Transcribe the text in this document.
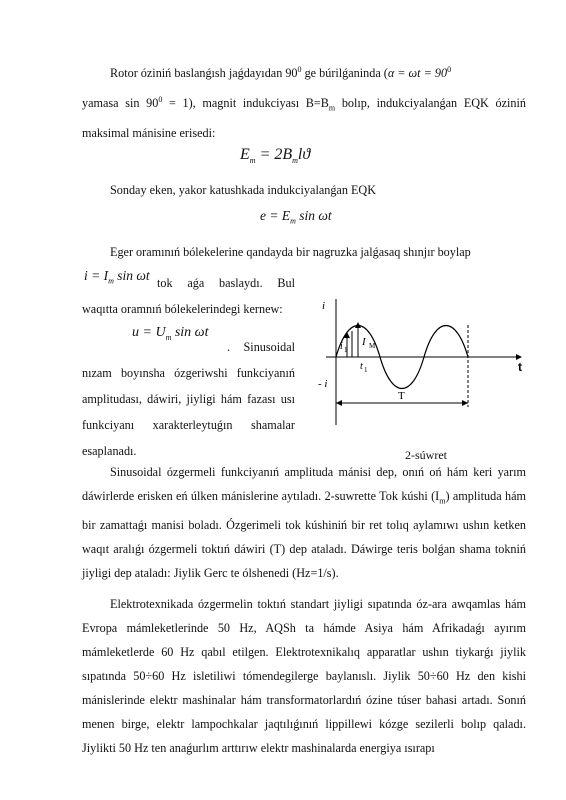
Rotor óziniń baslanǵısh jaǵdayıdan $90^0$ ge búrilǵaninda ($\alpha = \omega t = 90^0$
yamasa $\sin 90^0 = 1$), magnit indukciyası $B=B_m$ bolıp, indukciyalanǵan EQK óziniń maksimal mánisine erisedi:
$E_m = 2B_mlϑ$
Sonday eken, yakor katushkada indukciyalanǵan EQK
$e = E_m$ sin ωt
Eger oramınıń bólekelerine qandayda bir nagruzka jalǵasaq shınjır boylap
$i = I_m$ sin ωt tok aǵa baslaydı. Bul waqıtta oramnıń bólekelerindegi kernew:
$u = U_m$ sin ωt
. Sinusoidal nızam boyınsha ózgeriwshi funkciyanıń amplitudası, dáwiri, jiyligi hám fazası usı funkciyanı xarakterleytuǵın shamalar esaplanadı.
i
- i
t
i 1
t 1
I M
T
2-súwret
Sinusoidal ózgermeli funkciyanıń amplituda mánisi dep, onıń oń hám keri yarım dáwirlerde erisken eń úlken mánislerine aytıladı. 2-suwrette Tok kúshi $(I_m)$ amplituda hám bir zamattaǵı manisi boladı. Ózgerimeli tok kúshiniń bir ret tolıq aylamıwı ushın ketken waqıt aralıǵı ózgermeli toktıń dáwiri (T) dep ataladı. Dáwirge teris bolǵan shama tokniń jiyligi dep ataladı: Jiylik Gerc te ólshenedi (Hz=1/s).
Elektrotexnikada ózgermelin toktıń standart jiyligi sıpatında óz-ara awqamlas hám Evropa mámleketlerinde 50 Hz, AQSh ta hámde Asiya hám Afrikadaǵı ayırım mámleketlerde 60 Hz qabıl etilgen. Elektrotexnikalıq apparatlar ushın tiykarǵı jiylik sıpatında 50÷60 Hz isletiliwi tómendegilerge baylanıslı. Jiylik 50÷60 Hz den kishi mánislerinde elektr mashinalar hám transformatorlardıń ózine túser bahasi artadı. Sonıń menen birge, elektr lampochkalar jaqtılıǵınıń lippillewi kózge sezilerli bolıp qaladı. Jiylikti 50 Hz ten anaǵurlım arttırıw elektr mashinalarda energiya ısırapı
